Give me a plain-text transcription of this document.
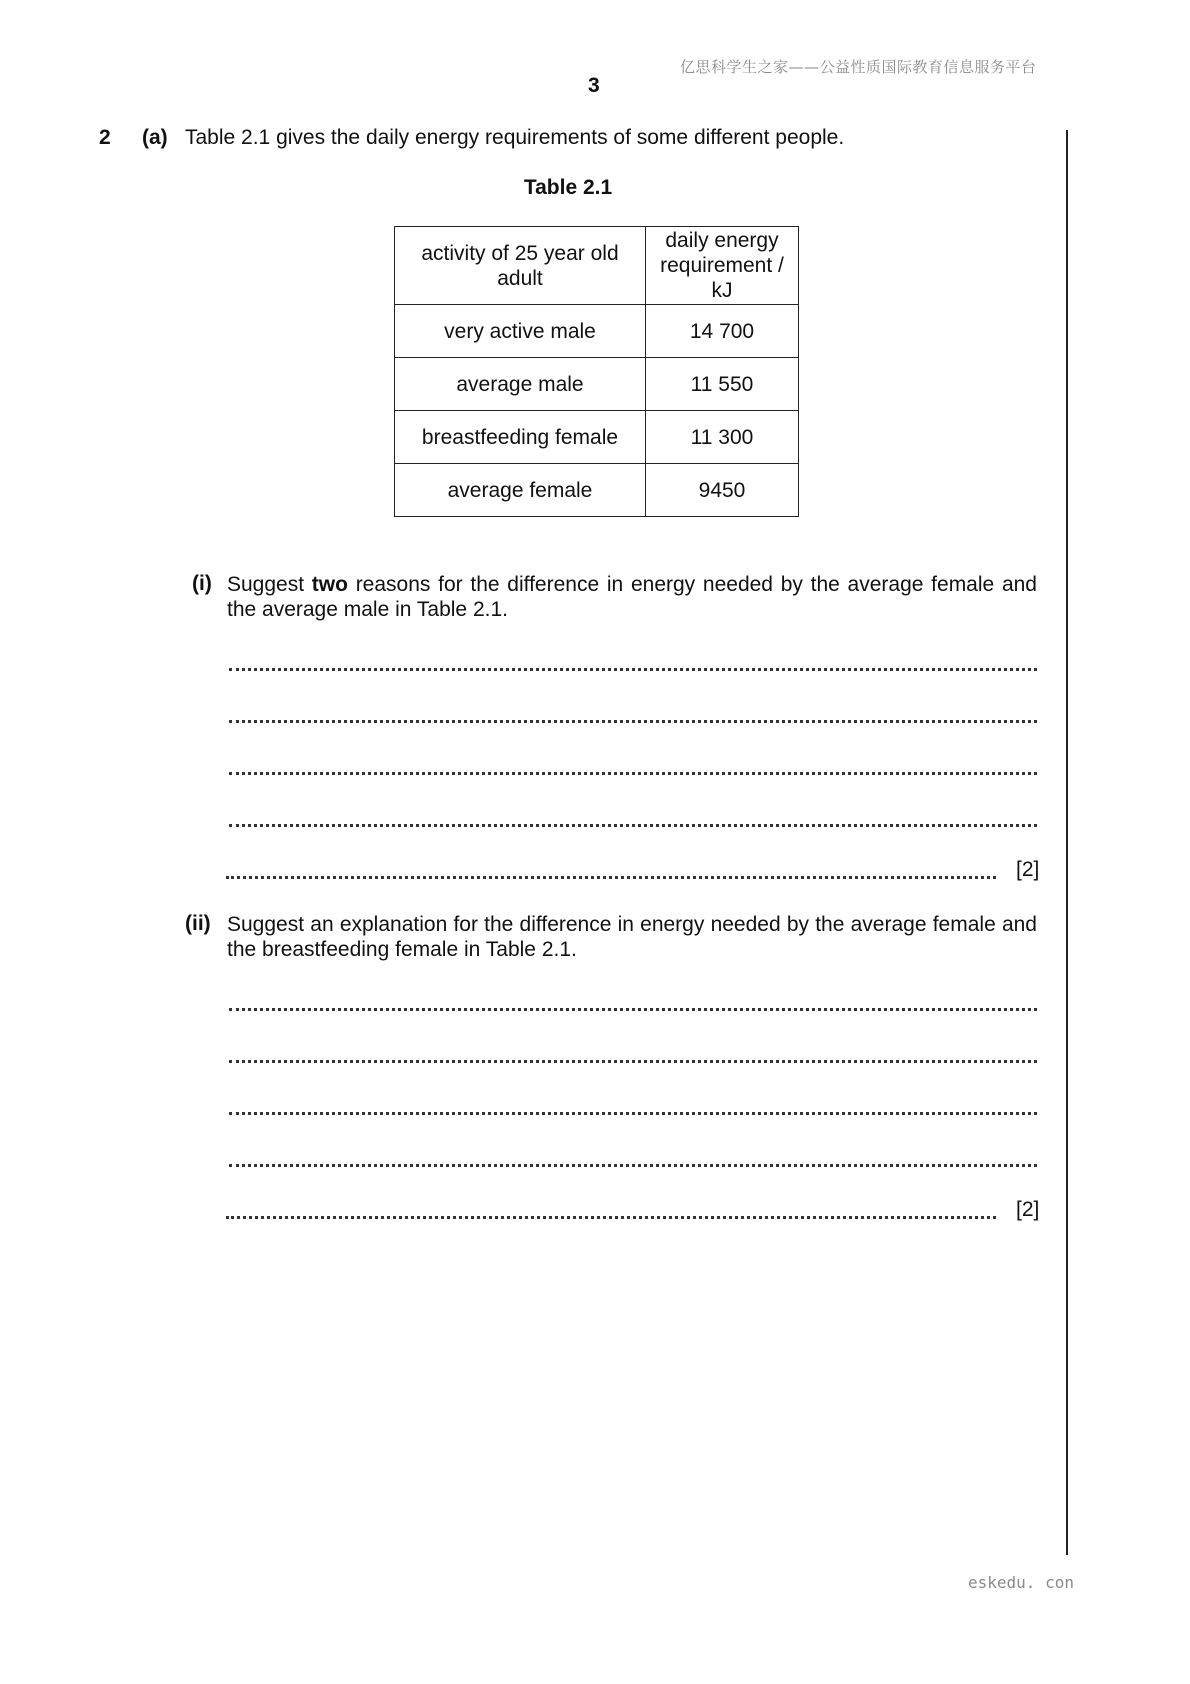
亿思科学生之家——公益性质国际教育信息服务平台
3
2 (a) Table 2.1 gives the daily energy requirements of some different people.
Table 2.1
activity of 25 year old adult	daily energy requirement / kJ
very active male	14 700
average male	11 550
breastfeeding female	11 300
average female	9450
(i) Suggest two reasons for the difference in energy needed by the average female and the average male in Table 2.1.
[2]
(ii) Suggest an explanation for the difference in energy needed by the average female and the breastfeeding female in Table 2.1.
[2]
eskedu. con
